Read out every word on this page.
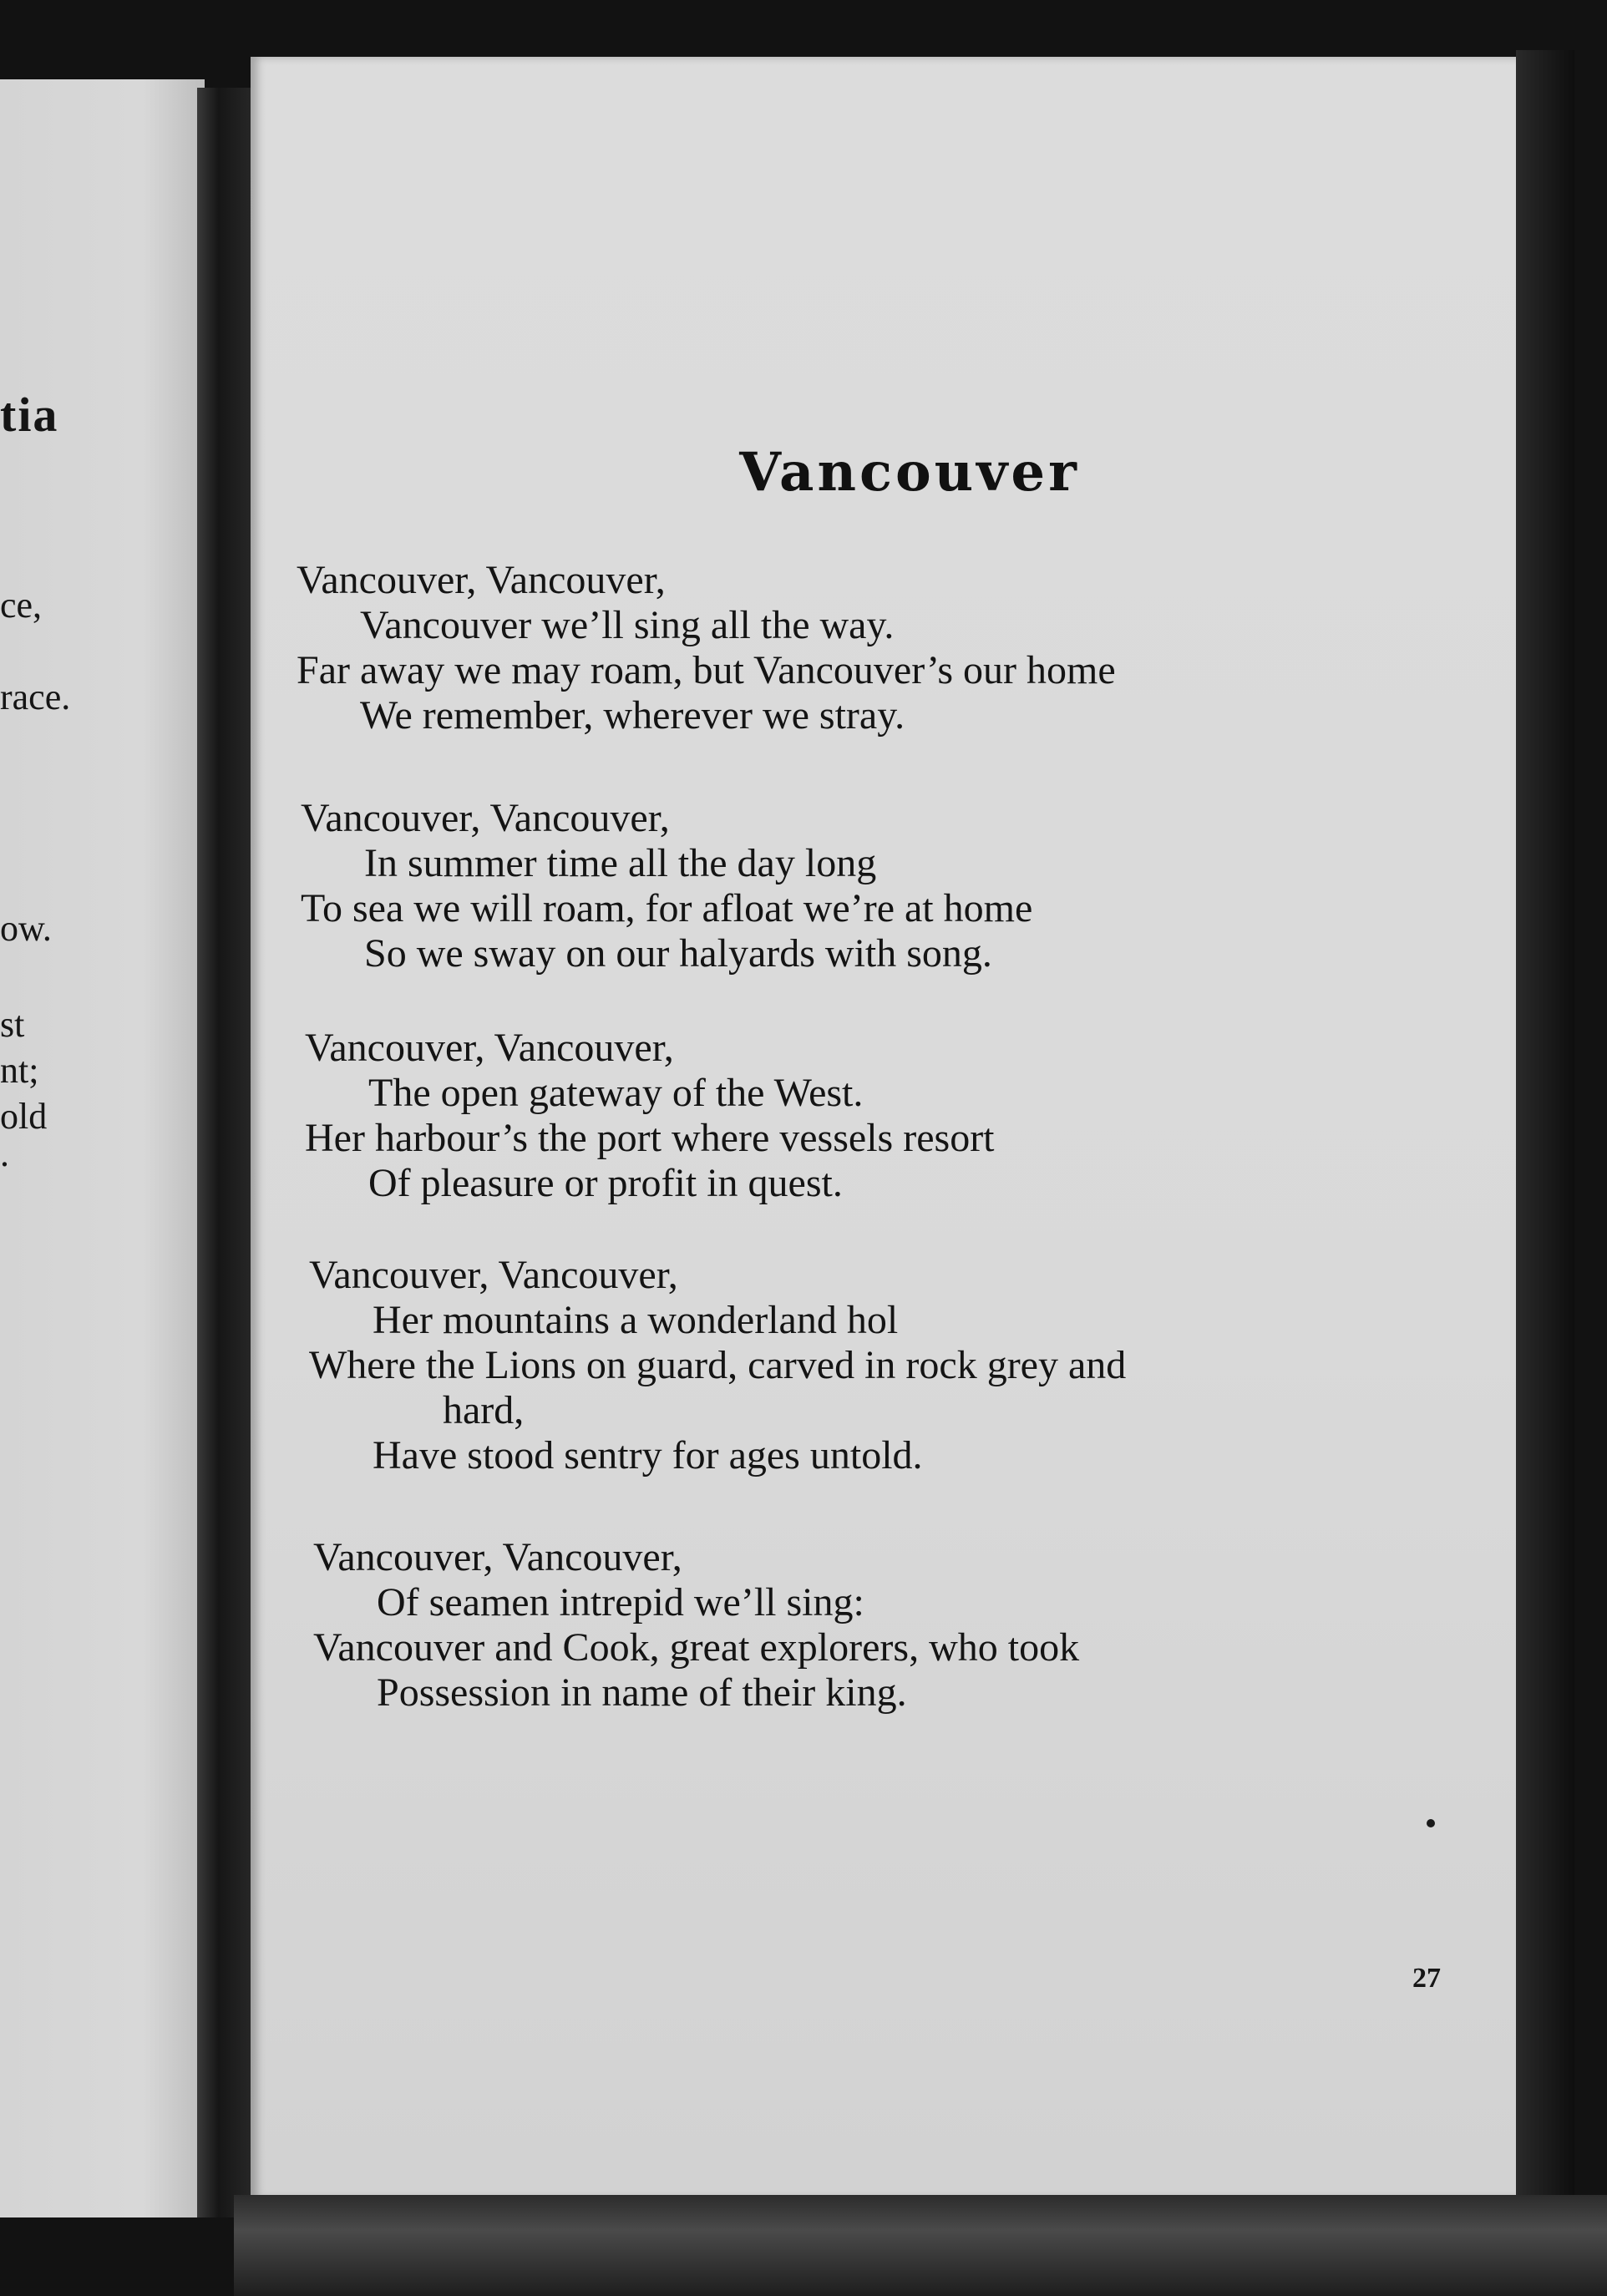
tia
ce,
race.
ow.
st
nt;
old
.
Vancouver
Vancouver, Vancouver,
Vancouver we’ll sing all the way.
Far away we may roam, but Vancouver’s our home
We remember, wherever we stray.
Vancouver, Vancouver,
In summer time all the day long
To sea we will roam, for afloat we’re at home
So we sway on our halyards with song.
Vancouver, Vancouver,
The open gateway of the West.
Her harbour’s the port where vessels resort
Of pleasure or profit in quest.
Vancouver, Vancouver,
Her mountains a wonderland hol
Where the Lions on guard, carved in rock grey and
hard,
Have stood sentry for ages untold.
Vancouver, Vancouver,
Of seamen intrepid we’ll sing:
Vancouver and Cook, great explorers, who took
Possession in name of their king.
27
